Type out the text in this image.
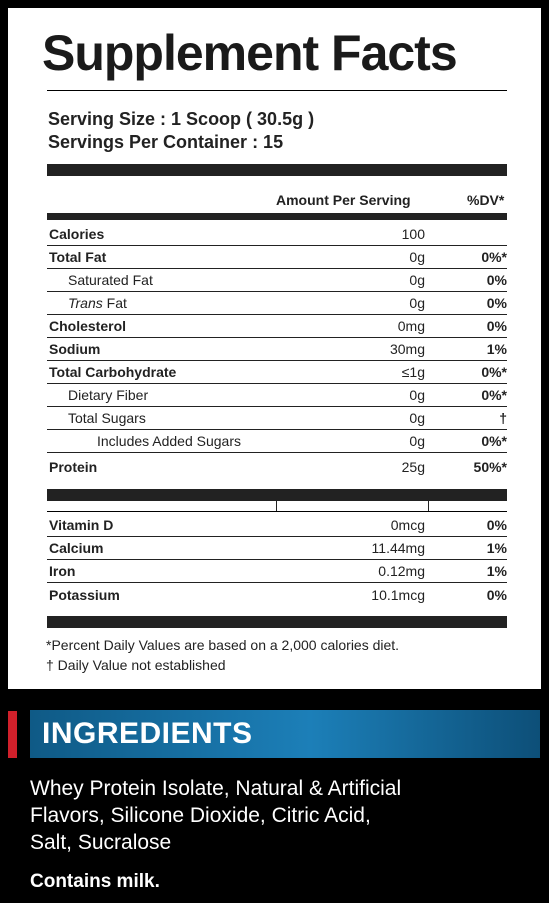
Supplement Facts
Serving Size : 1 Scoop ( 30.5g )
Servings Per Container : 15
Amount Per Serving	%DV*
Calories	100
Total Fat	0g	0%*
Saturated Fat	0g	0%
Trans Fat	0g	0%
Cholesterol	0mg	0%
Sodium	30mg	1%
Total Carbohydrate	≤1g	0%*
Dietary Fiber	0g	0%*
Total Sugars	0g	†
Includes Added Sugars	0g	0%*
Protein	25g	50%*
Vitamin D	0mcg	0%
Calcium	11.44mg	1%
Iron	0.12mg	1%
Potassium	10.1mcg	0%
*Percent Daily Values are based on a 2,000 calories diet.
† Daily Value not established
INGREDIENTS
Whey Protein Isolate, Natural & Artificial
Flavors, Silicone Dioxide, Citric Acid,
Salt, Sucralose
Contains milk.
